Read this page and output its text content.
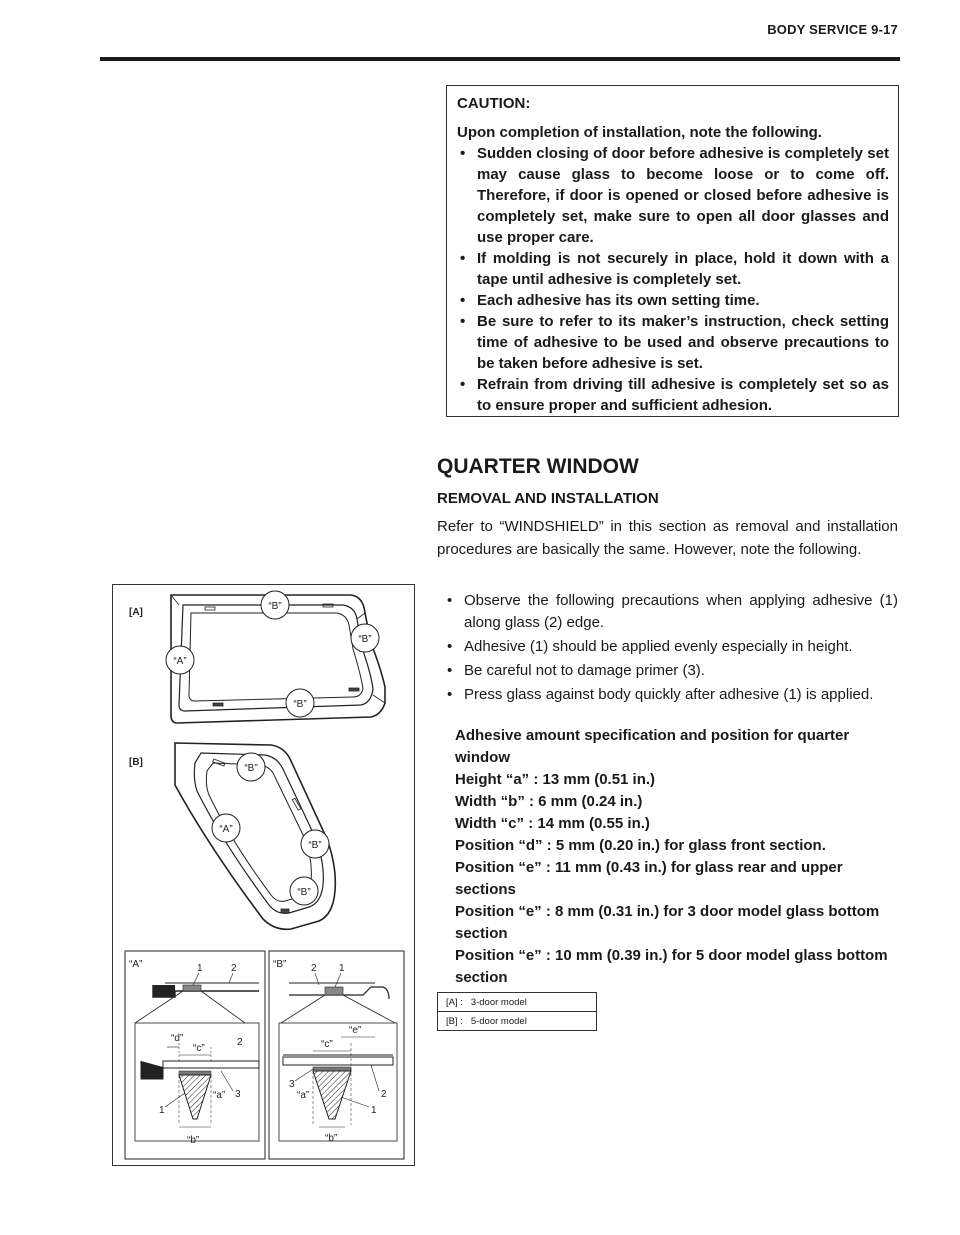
BODY SERVICE 9-17
CAUTION:
Upon completion of installation, note the following.
• Sudden closing of door before adhesive is completely set may cause glass to become loose or to come off. Therefore, if door is opened or closed before adhesive is completely set, make sure to open all door glasses and use proper care.
• If molding is not securely in place, hold it down with a tape until adhesive is completely set.
• Each adhesive has its own setting time.
• Be sure to refer to its maker’s instruction, check setting time of adhesive to be used and observe precautions to be taken before adhesive is set.
• Refrain from driving till adhesive is completely set so as to ensure proper and sufficient adhesion.
QUARTER WINDOW
REMOVAL AND INSTALLATION
Refer to “WINDSHIELD” in this section as removal and installation procedures are basically the same. However, note the following.
• Observe the following precautions when applying adhesive (1) along glass (2) edge.
• Adhesive (1) should be applied evenly especially in height.
• Be careful not to damage primer (3).
• Press glass against body quickly after adhesive (1) is applied.
Adhesive amount specification and position for quarter window
Height “a” : 13 mm (0.51 in.)
Width “b” : 6 mm (0.24 in.)
Width “c” : 14 mm (0.55 in.)
Position “d” : 5 mm (0.20 in.) for glass front section.
Position “e” : 11 mm (0.43 in.) for glass rear and upper sections
Position “e” : 8 mm (0.31 in.) for 3 door model glass bottom section
Position “e” : 10 mm (0.39 in.) for 5 door model glass bottom section
[A] : 3-door model
[B] : 5-door model
[A]
“B”
“B”
“A”
“B”
[B]
“B”
“A”
“B”
“B”
“A”	1	2
“d”
“c”
2
“a” 3
1
“b”
“B” 2 1
“e”
“c”
3
“a”	2
1
“b”
